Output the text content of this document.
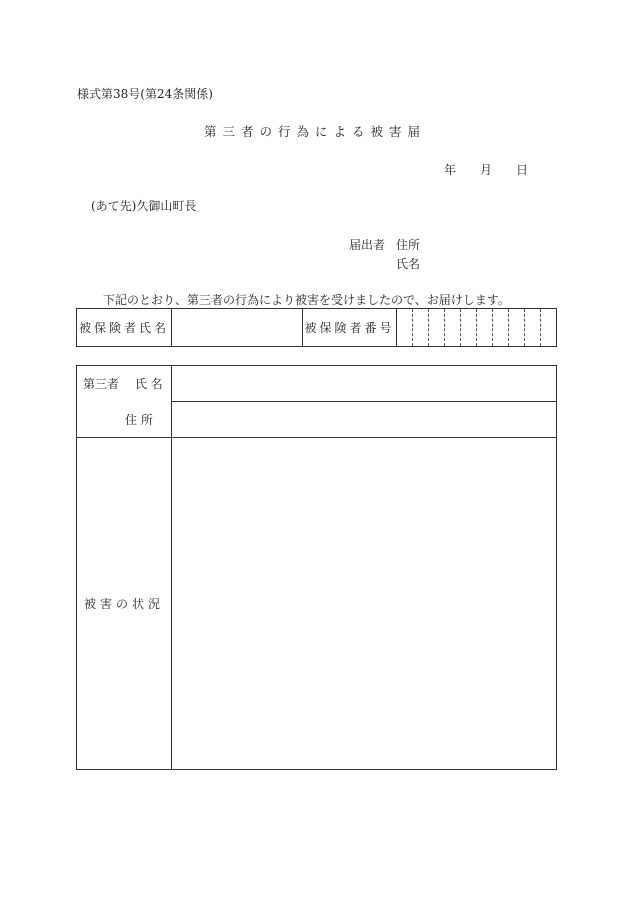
様式第38号(第24条関係)
第三者の行為による被害届
年 月 日
(あて先)久御山町長
届出者 住所
氏名
下記のとおり、第三者の行為により被害を受けましたので、お届けします。
被保険者氏名		被保険者番号	
第三者 氏 名	
住 所	
被害の状況	
